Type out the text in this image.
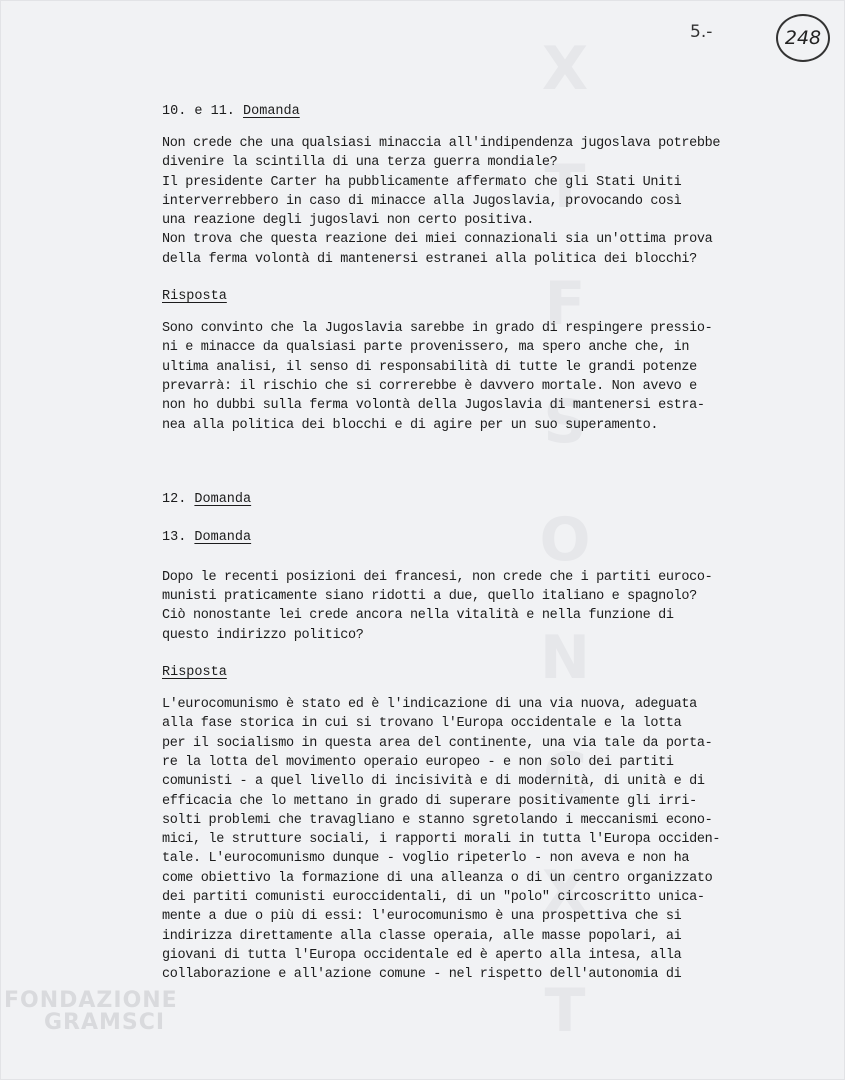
X
T
F
S
O
N
C
X
T
5.-	248

10. e 11. Domanda

Non crede che una qualsiasi minaccia all'indipendenza jugoslava potrebbe
divenire la scintilla di una terza guerra mondiale?
Il presidente Carter ha pubblicamente affermato che gli Stati Uniti
interverrebbero in caso di minacce alla Jugoslavia, provocando così
una reazione degli jugoslavi non certo positiva.
Non trova che questa reazione dei miei connazionali sia un'ottima prova
della ferma volontà di mantenersi estranei alla politica dei blocchi?

Risposta

Sono convinto che la Jugoslavia sarebbe in grado di respingere pressio-
ni e minacce da qualsiasi parte provenissero, ma spero anche che, in
ultima analisi, il senso di responsabilità di tutte le grandi potenze
prevarrà: il rischio che si correrebbe è davvero mortale. Non avevo e
non ho dubbi sulla ferma volontà della Jugoslavia di mantenersi estra-
nea alla politica dei blocchi e di agire per un suo superamento.

12. Domanda

13. Domanda

Dopo le recenti posizioni dei francesi, non crede che i partiti euroco-
munisti praticamente siano ridotti a due, quello italiano e spagnolo?
Ciò nonostante lei crede ancora nella vitalità e nella funzione di
questo indirizzo politico?

Risposta

L'eurocomunismo è stato ed è l'indicazione di una via nuova, adeguata
alla fase storica in cui si trovano l'Europa occidentale e la lotta
per il socialismo in questa area del continente, una via tale da porta-
re la lotta del movimento operaio europeo - e non solo dei partiti
comunisti - a quel livello di incisività e di modernità, di unità e di
efficacia che lo mettano in grado di superare positivamente gli irri-
solti problemi che travagliano e stanno sgretolando i meccanismi econo-
mici, le strutture sociali, i rapporti morali in tutta l'Europa occiden-
tale. L'eurocomunismo dunque - voglio ripeterlo - non aveva e non ha
come obiettivo la formazione di una alleanza o di un centro organizzato
dei partiti comunisti euroccidentali, di un "polo" circoscritto unica-
mente a due o più di essi: l'eurocomunismo è una prospettiva che si
indirizza direttamente alla classe operaia, alle masse popolari, ai
giovani di tutta l'Europa occidentale ed è aperto alla intesa, alla
collaborazione e all'azione comune - nel rispetto dell'autonomia di

FONDAZIONE
GRAMSCI
